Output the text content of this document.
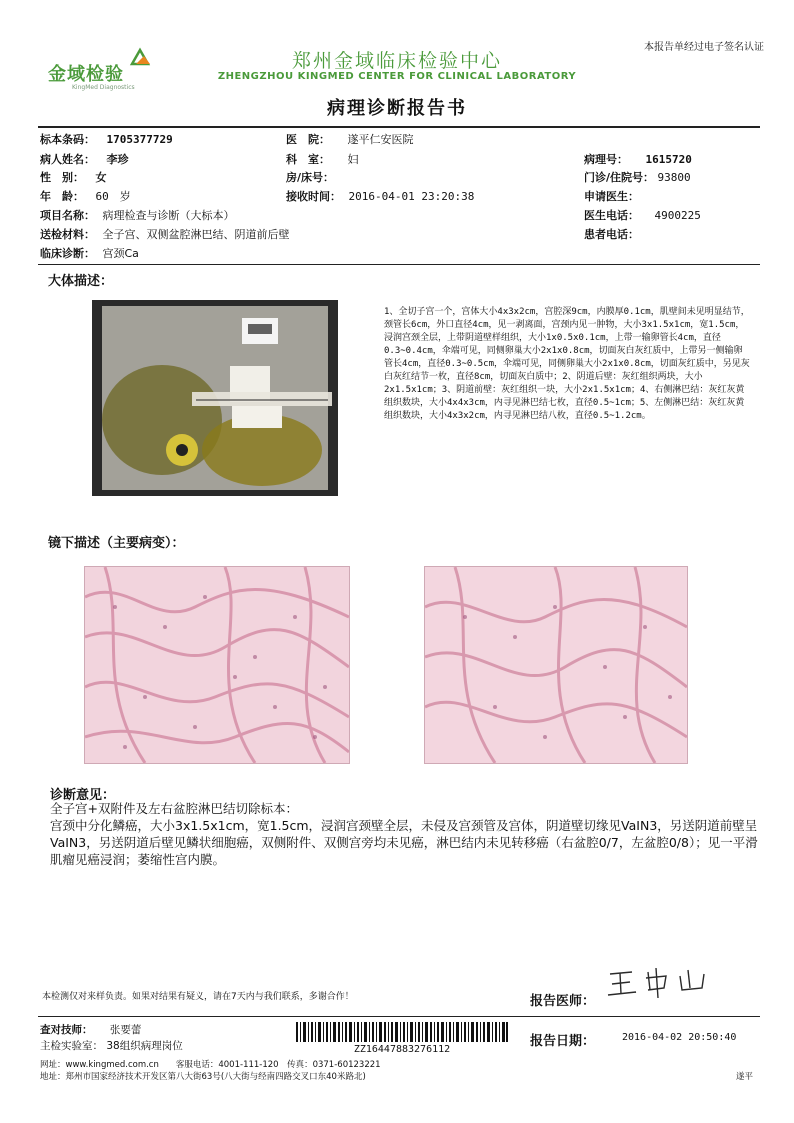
本报告单经过电子签名认证
金域检验
KingMed Diagnostics
郑州金域临床检验中心
ZHENGZHOU KINGMED CENTER FOR CLINICAL LABORATORY
病理诊断报告书
标本条码： 1705377729	医　院： 遂平仁安医院
病人姓名： 李珍	科　室： 妇	病理号： 1615720
性　别： 女	房/床号：	门诊/住院号： 93800
年　龄： 60　岁	接收时间： 2016-04-01 23:20:38	申请医生：
项目名称： 病理检查与诊断（大标本）	医生电话： 4900225
送检材料： 全子宫、双侧盆腔淋巴结、阴道前后壁	患者电话：
临床诊断： 宫颈Ca
大体描述：
1、全切子宫一个，宫体大小4x3x2cm，宫腔深9cm，内膜厚0.1cm，肌壁间未见明显结节，颈管长6cm，外口直径4cm，见一剥离面，宫颈内见一肿物，大小3x1.5x1cm，宽1.5cm，浸润宫颈全层，上带阴道壁样组织，大小1x0.5x0.1cm，上带一输卵管长4cm，直径0.3~0.4cm，伞端可见，同侧卵巢大小2x1x0.8cm，切面灰白灰红质中，上带另一侧输卵管长4cm，直径0.3~0.5cm，伞端可见，同侧卵巢大小2x1x0.8cm，切面灰红质中，另见灰白灰红结节一枚，直径8cm，切面灰白质中；2、阴道后壁：灰红组织两块，大小2x1.5x1cm；3、阴道前壁：灰红组织一块，大小2x1.5x1cm；4、右侧淋巴结：灰红灰黄组织数块，大小4x4x3cm，内寻见淋巴结七枚，直径0.5~1cm；5、左侧淋巴结：灰红灰黄组织数块，大小4x3x2cm，内寻见淋巴结八枚，直径0.5~1.2cm。
镜下描述（主要病变）：
诊断意见：
全子宫+双附件及左右盆腔淋巴结切除标本：
宫颈中分化鳞癌，大小3x1.5x1cm，宽1.5cm，浸润宫颈壁全层，未侵及宫颈管及宫体，阴道壁切缘见VaIN3，另送阴道前壁呈VaIN3，另送阴道后壁见鳞状细胞癌，双侧附件、双侧宫旁均未见癌，淋巴结内未见转移癌（右盆腔0/7，左盆腔0/8）；见一平滑肌瘤见癌浸润；萎缩性宫内膜。
本检测仅对来样负责。如果对结果有疑义，请在7天内与我们联系，多谢合作！	报告医师：
查对技师： 张要蕾
主检实验室： 38组织病理岗位	ZZ16447883276112
报告日期：	2016-04-02 20:50:40
网址：www.kingmed.com.cn　　客服电话：4001-111-120　传真：0371-60123221
地址：郑州市国家经济技术开发区第八大街63号(八大街与经南四路交叉口东40米路北)	遂平
